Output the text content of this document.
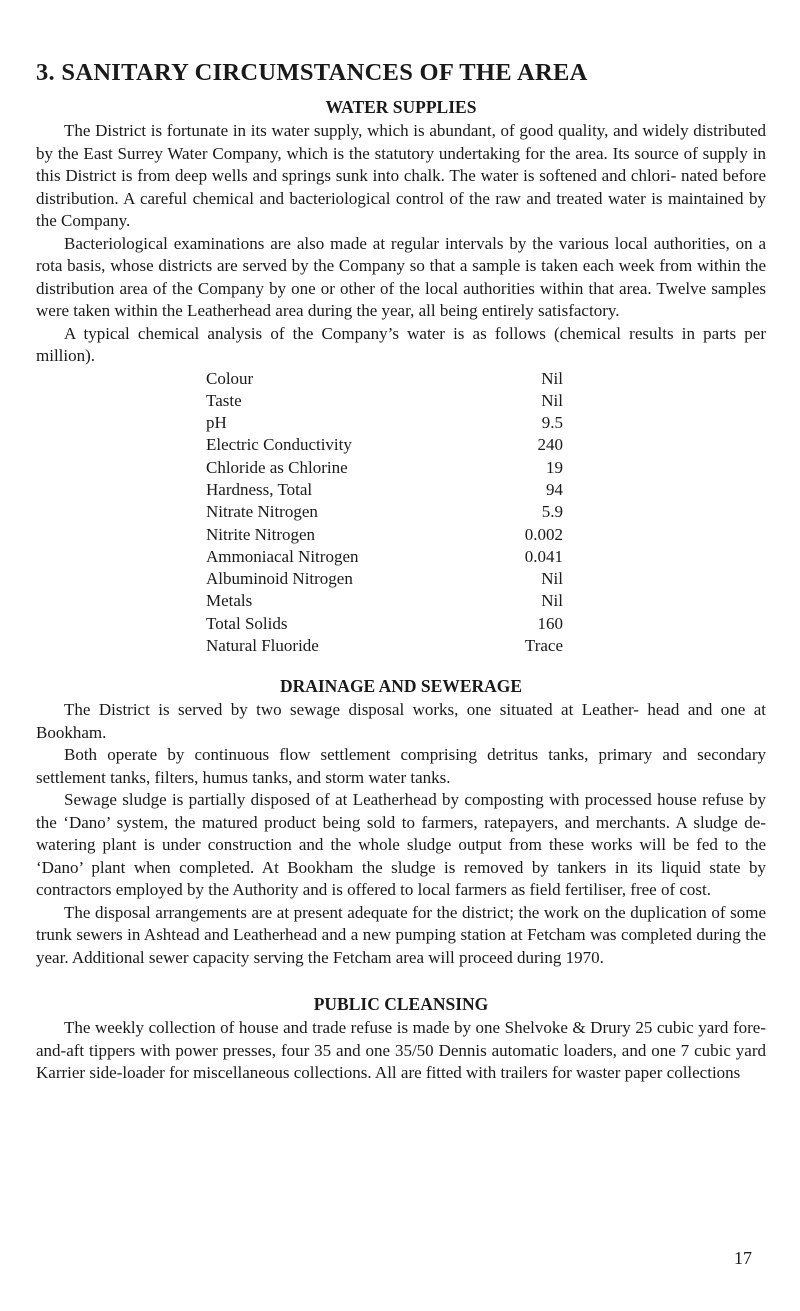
3. SANITARY CIRCUMSTANCES OF THE AREA
WATER SUPPLIES

The District is fortunate in its water supply, which is abundant, of good quality, and widely distributed by the East Surrey Water Company, which is the statutory undertaking for the area. Its source of supply in this District is from deep wells and springs sunk into chalk. The water is softened and chlori- nated before distribution. A careful chemical and bacteriological control of the raw and treated water is maintained by the Company.

Bacteriological examinations are also made at regular intervals by the various local authorities, on a rota basis, whose districts are served by the Company so that a sample is taken each week from within the distribution area of the Company by one or other of the local authorities within that area. Twelve samples were taken within the Leatherhead area during the year, all being entirely satisfactory.

A typical chemical analysis of the Company’s water is as follows (chemical results in parts per million).

Colour	Nil
Taste	Nil
pH	9.5
Electric Conductivity	240
Chloride as Chlorine	19
Hardness, Total	94
Nitrate Nitrogen	5.9
Nitrite Nitrogen	0.002
Ammoniacal Nitrogen	0.041
Albuminoid Nitrogen	Nil
Metals	Nil
Total Solids	160
Natural Fluoride	Trace
DRAINAGE AND SEWERAGE

The District is served by two sewage disposal works, one situated at Leather- head and one at Bookham.

Both operate by continuous flow settlement comprising detritus tanks, primary and secondary settlement tanks, filters, humus tanks, and storm water tanks.

Sewage sludge is partially disposed of at Leatherhead by composting with processed house refuse by the ‘Dano’ system, the matured product being sold to farmers, ratepayers, and merchants. A sludge de-watering plant is under construction and the whole sludge output from these works will be fed to the ‘Dano’ plant when completed. At Bookham the sludge is removed by tankers in its liquid state by contractors employed by the Authority and is offered to local farmers as field fertiliser, free of cost.

The disposal arrangements are at present adequate for the district; the work on the duplication of some trunk sewers in Ashtead and Leatherhead and a new pumping station at Fetcham was completed during the year. Additional sewer capacity serving the Fetcham area will proceed during 1970.

PUBLIC CLEANSING

The weekly collection of house and trade refuse is made by one Shelvoke & Drury 25 cubic yard fore-and-aft tippers with power presses, four 35 and one 35/50 Dennis automatic loaders, and one 7 cubic yard Karrier side-loader for miscellaneous collections. All are fitted with trailers for waster paper collections

17
